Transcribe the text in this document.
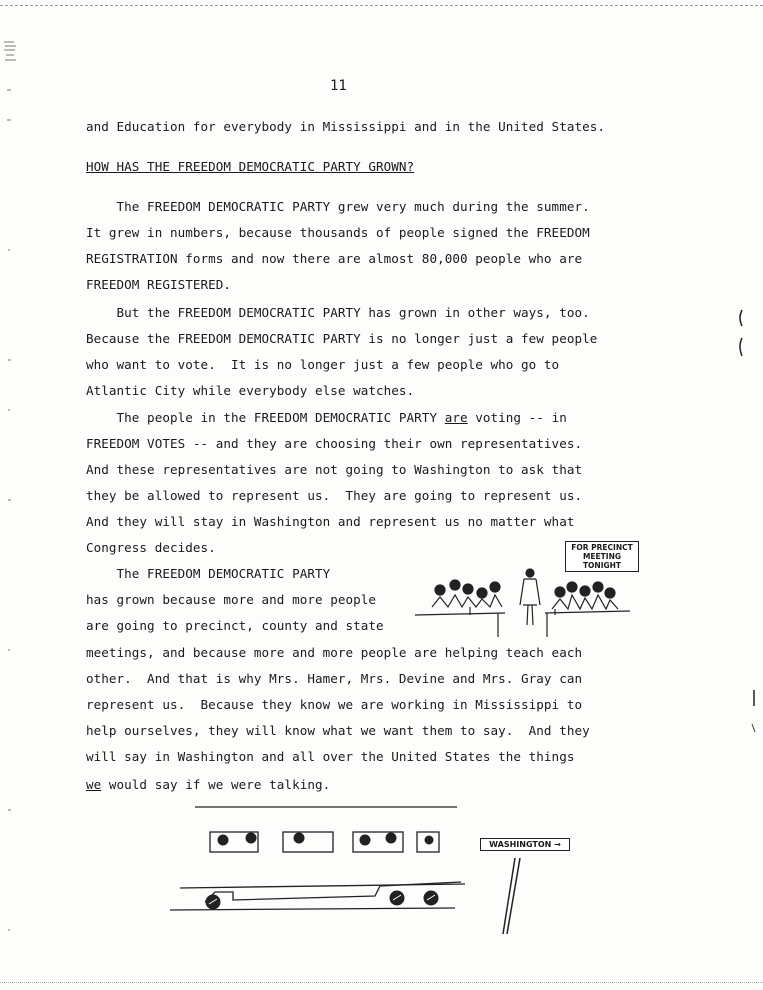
11
and Education for everybody in Mississippi and in the United States.
HOW HAS THE FREEDOM DEMOCRATIC PARTY GROWN?
The FREEDOM DEMOCRATIC PARTY grew very much during the summer.
It grew in numbers, because thousands of people signed the FREEDOM
REGISTRATION forms and now there are almost 80,000 people who are
FREEDOM REGISTERED.
But the FREEDOM DEMOCRATIC PARTY has grown in other ways, too.
Because the FREEDOM DEMOCRATIC PARTY is no longer just a few people
who want to vote.  It is no longer just a few people who go to
Atlantic City while everybody else watches.
The people in the FREEDOM DEMOCRATIC PARTY are voting -- in
FREEDOM VOTES -- and they are choosing their own representatives.
And these representatives are not going to Washington to ask that
they be allowed to represent us.  They are going to represent us.
And they will stay in Washington and represent us no matter what
Congress decides.
The FREEDOM DEMOCRATIC PARTY
has grown because more and more people
are going to precinct, county and state
meetings, and because more and more people are helping teach each
other.  And that is why Mrs. Hamer, Mrs. Devine and Mrs. Gray can
represent us.  Because they know we are working in Mississippi to
help ourselves, they will know what we want them to say.  And they
will say in Washington and all over the United States the things
we would say if we were talking.
FOR PRECINCT
MEETING
TONIGHT
WASHINGTON →
